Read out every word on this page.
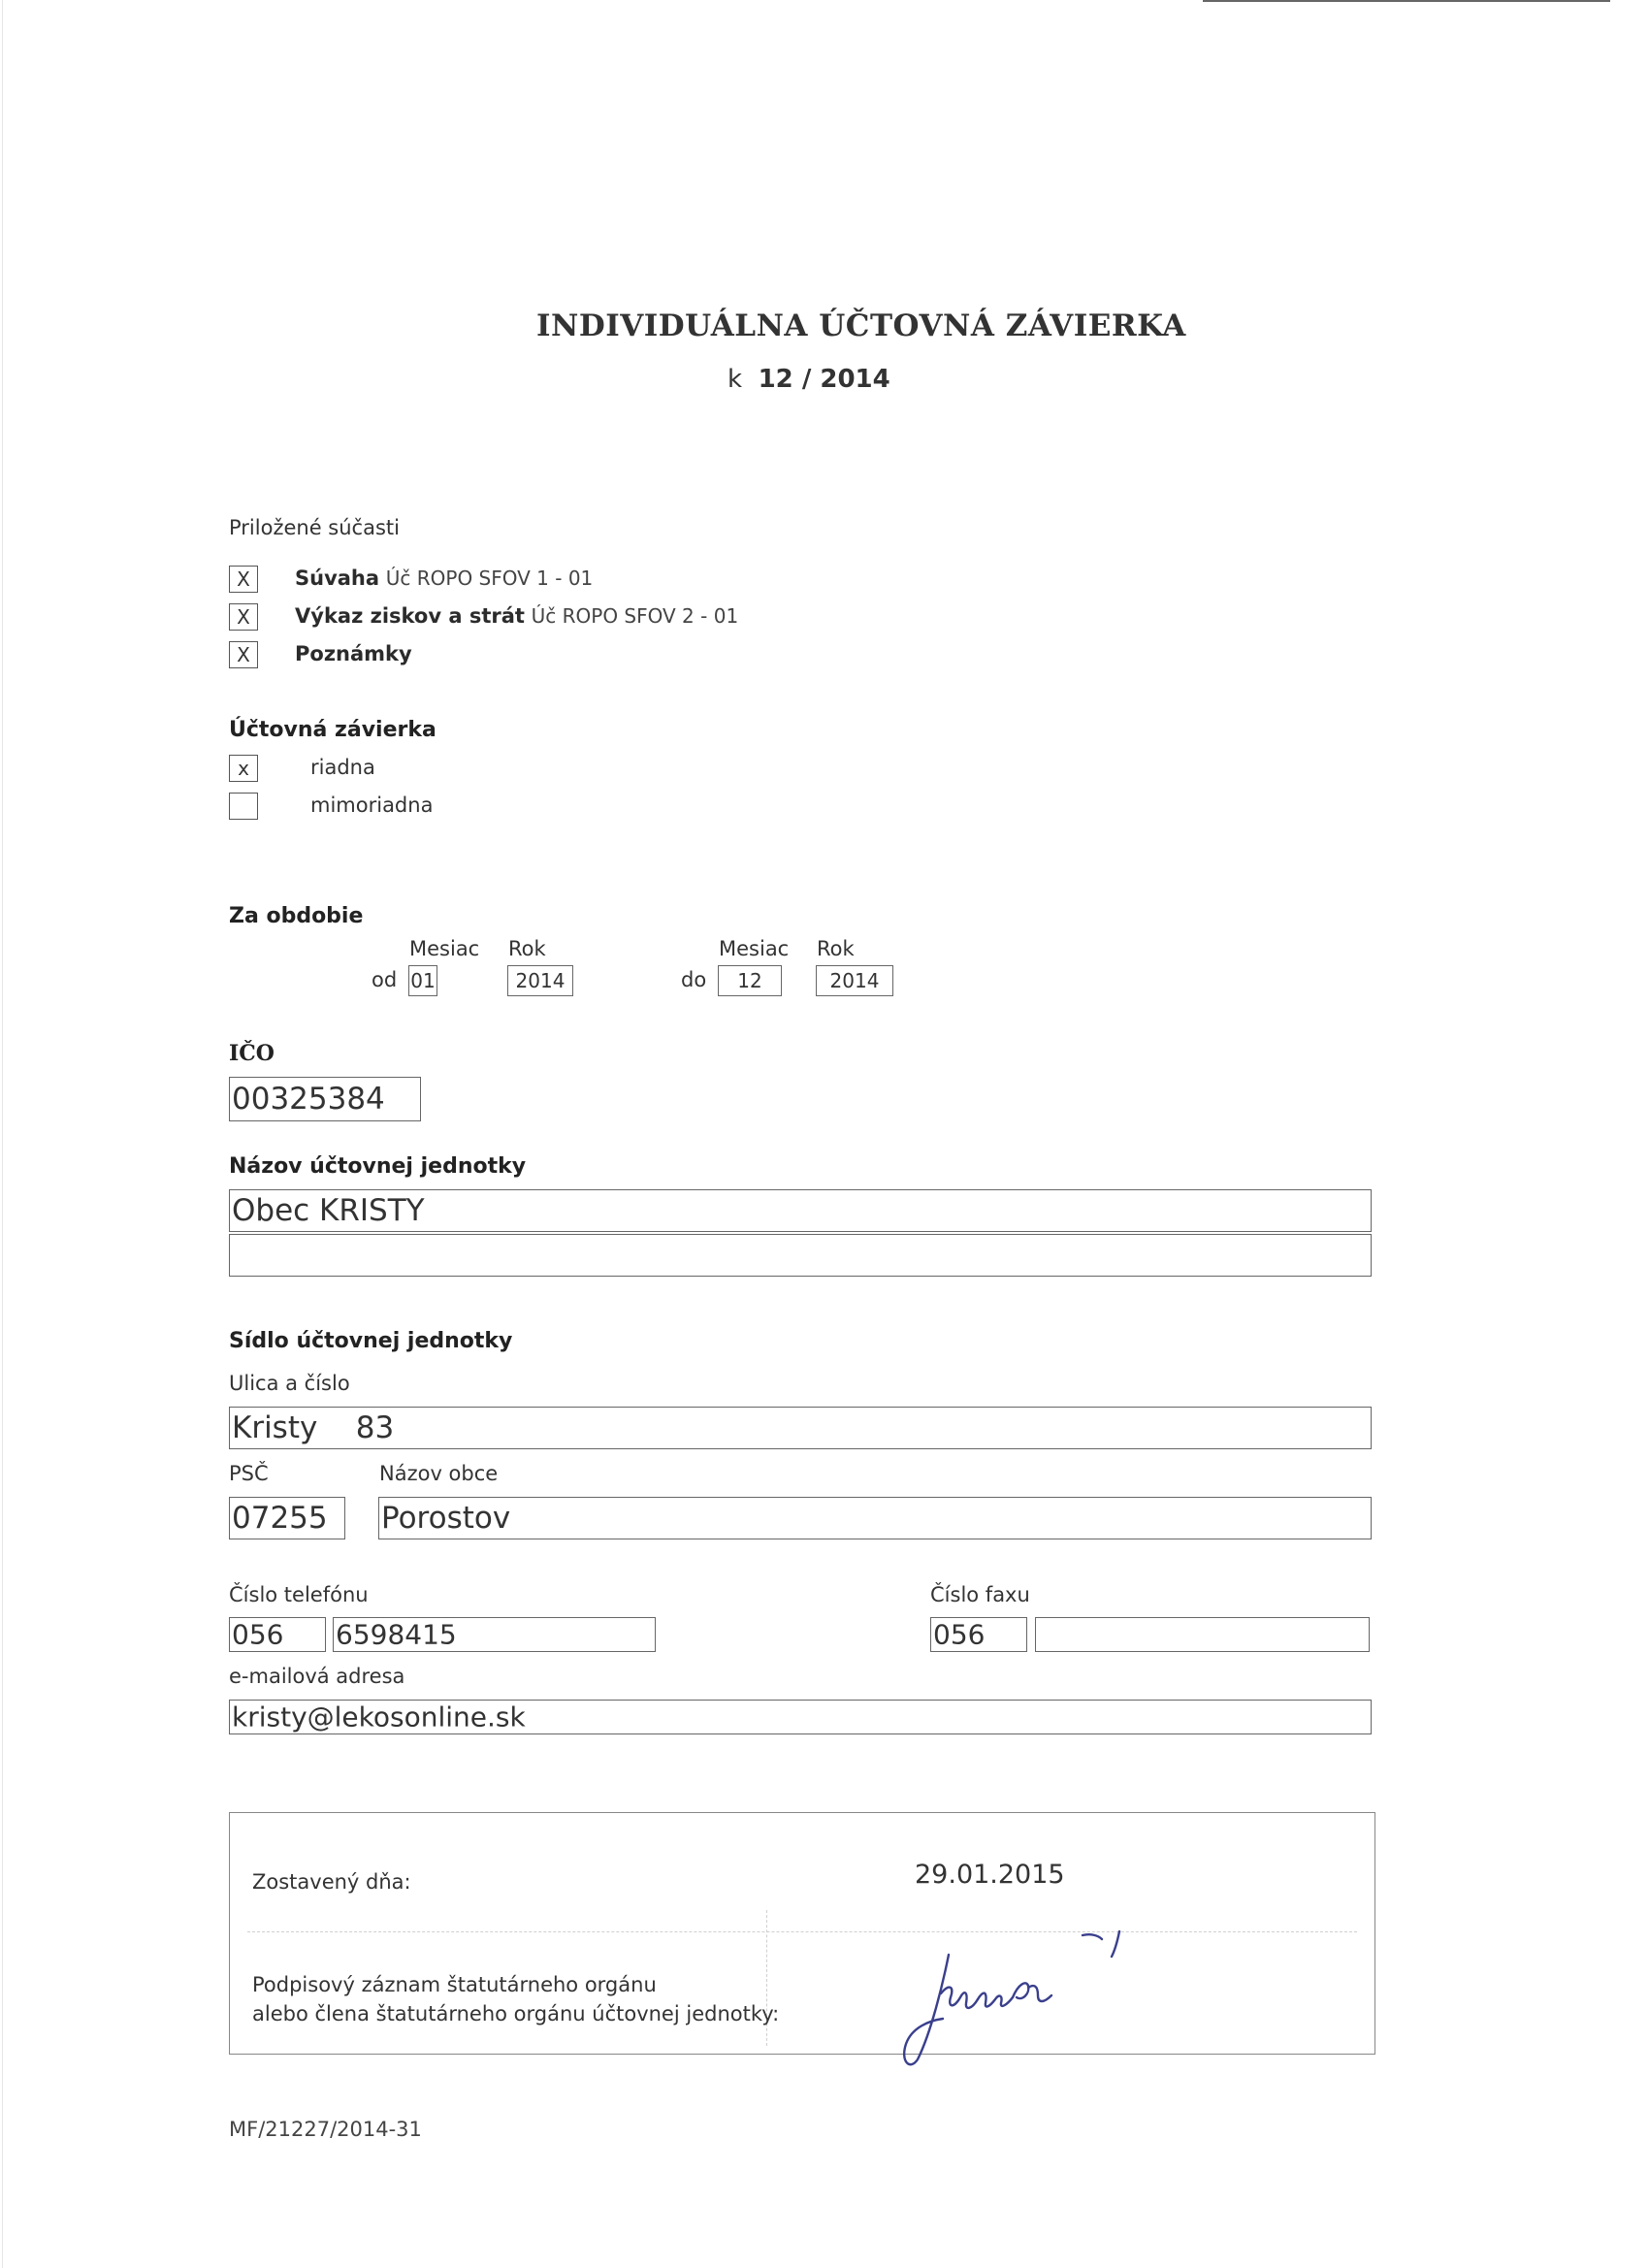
INDIVIDUÁLNA ÚČTOVNÁ ZÁVIERKA
k 12 / 2014
Priložené súčasti
X	Súvaha Úč ROPO SFOV 1 - 01
X	Výkaz ziskov a strát Úč ROPO SFOV 2 - 01
X	Poznámky
Účtovná závierka
x	riadna
mimoriadna
Za obdobie
Mesiac Rok	Mesiac Rok
od 01	2014	do	12	2014
IČO
00325384
Názov účtovnej jednotky
Obec KRISTY
Sídlo účtovnej jednotky
Ulica a číslo
Kristy    83
PSČ	Názov obce
07255 Porostov
Číslo telefónu	Číslo faxu
056 6598415	056
e-mailová adresa
kristy@lekosonline.sk
Zostavený dňa:	29.01.2015
Podpisový záznam štatutárneho orgánu
alebo člena štatutárneho orgánu účtovnej jednotky:
MF/21227/2014-31
